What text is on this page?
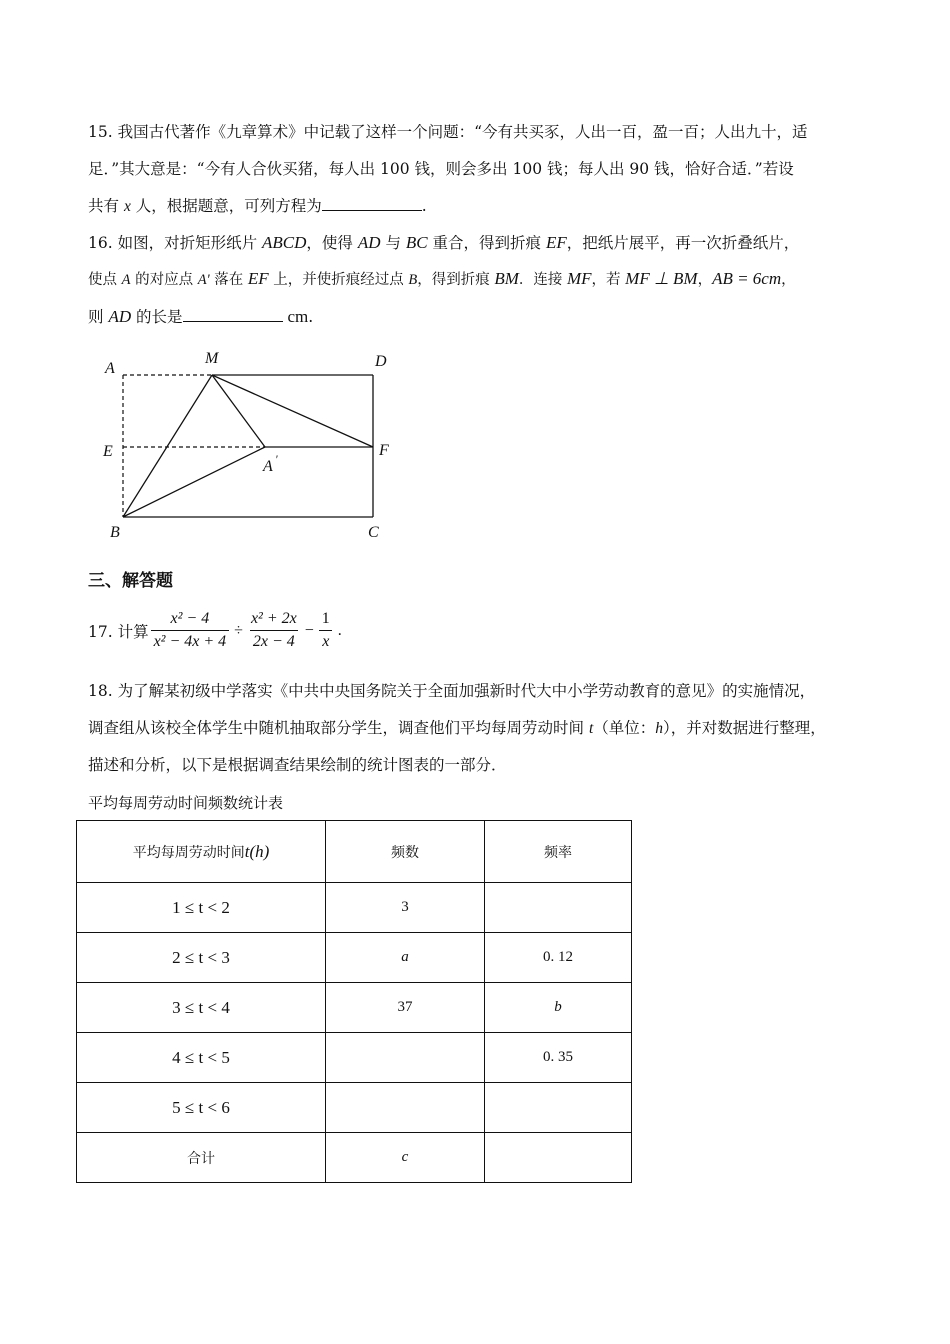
15. 我国古代著作《九章算术》中记载了这样一个问题：“今有共买豕，人出一百，盈一百；人出九十，适
足．”其大意是：“今有人合伙买猪，每人出 100 钱，则会多出 100 钱；每人出 90 钱，恰好合适．”若设
共有 x 人，根据题意，可列方程为	.
16. 如图，对折矩形纸片 ABCD，使得 AD 与 BC 重合，得到折痕 EF，把纸片展平，再一次折叠纸片，
使点 A 的对应点 A' 落在 EF 上，并使折痕经过点 B，得到折痕 BM．连接 MF，若 MF ⊥ BM，AB = 6cm，
则 AD 的长是	cm.
A
M	D
E	F
A '
B	C
三、解答题
17. 计算 $\frac{\text{x² − 4}}{\text{x² − 4x + 4}} \div \frac{\text{x² + 2x}}{2x - 4} - \frac{1}{x}$ .
18. 为了解某初级中学落实《中共中央国务院关于全面加强新时代大中小学劳动教育的意见》的实施情况，
调查组从该校全体学生中随机抽取部分学生，调查他们平均每周劳动时间 t（单位：h），并对数据进行整理，
描述和分析，以下是根据调查结果绘制的统计图表的一部分．
平均每周劳动时间频数统计表
平均每周劳动时间t(h)	频数	频率
1 ≤ t < 2	3	
2 ≤ t < 3	a	0. 12
3 ≤ t < 4	37	b
4 ≤ t < 5		0. 35
5 ≤ t < 6		
合计	c	
